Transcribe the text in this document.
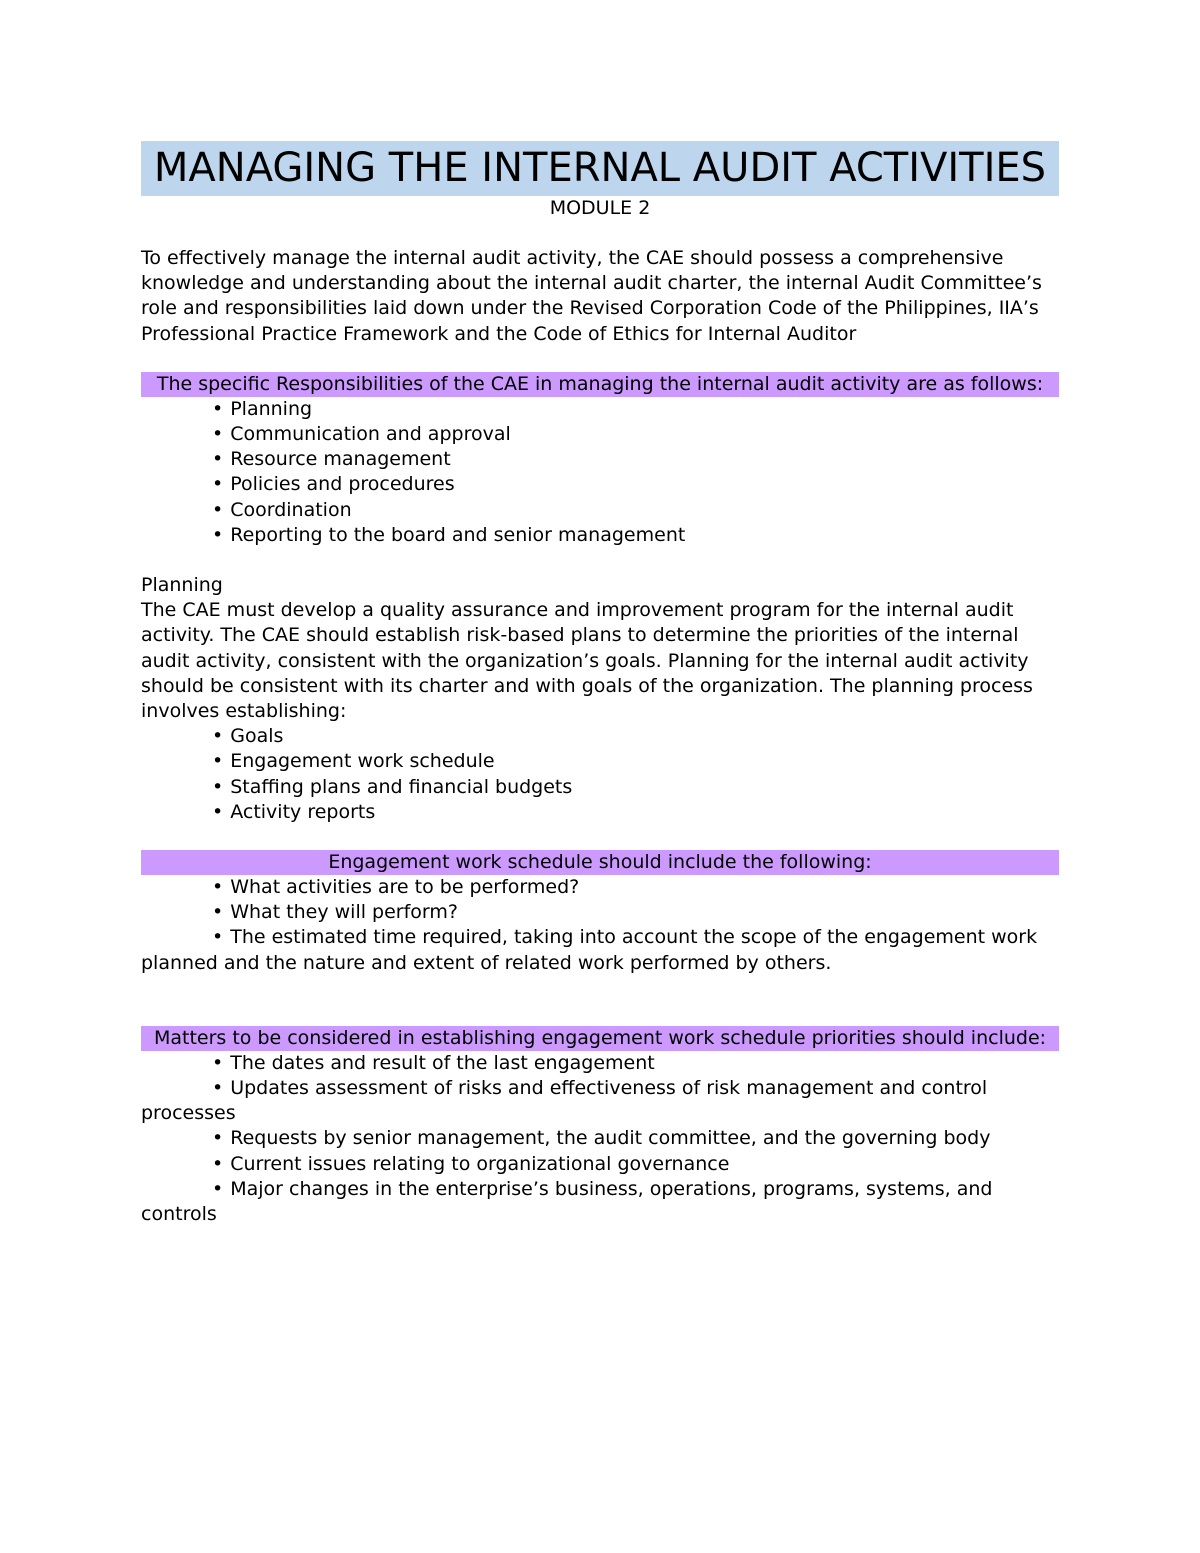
MANAGING THE INTERNAL AUDIT ACTIVITIES
MODULE 2
To effectively manage the internal audit activity, the CAE should possess a comprehensive knowledge and understanding about the internal audit charter, the internal Audit Committee’s role and responsibilities laid down under the Revised Corporation Code of the Philippines, IIA’s Professional Practice Framework and the Code of Ethics for Internal Auditor
The specific Responsibilities of the CAE in managing the internal audit activity are as follows:
• Planning
• Communication and approval
• Resource management
• Policies and procedures
• Coordination
• Reporting to the board and senior management
Planning
The CAE must develop a quality assurance and improvement program for the internal audit activity. The CAE should establish risk-based plans to determine the priorities of the internal audit activity, consistent with the organization’s goals. Planning for the internal audit activity should be consistent with its charter and with goals of the organization. The planning process involves establishing:
• Goals
• Engagement work schedule
• Staffing plans and financial budgets
• Activity reports
Engagement work schedule should include the following:
• What activities are to be performed?
• What they will perform?
• The estimated time required, taking into account the scope of the engagement work planned and the nature and extent of related work performed by others.
Matters to be considered in establishing engagement work schedule priorities should include:
• The dates and result of the last engagement
• Updates assessment of risks and effectiveness of risk management and control processes
• Requests by senior management, the audit committee, and the governing body
• Current issues relating to organizational governance
• Major changes in the enterprise’s business, operations, programs, systems, and controls
